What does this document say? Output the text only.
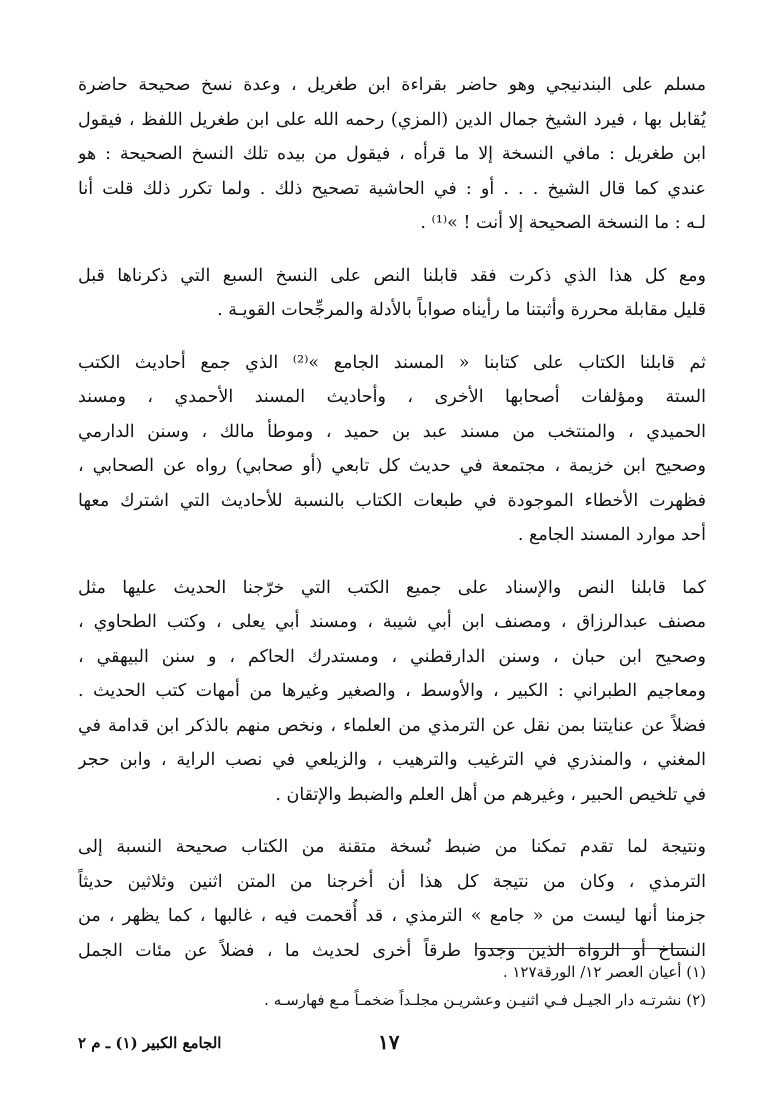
مسلم على البندنيجي وهو حاضر بقراءة ابن طغريل ، وعدة نسخ صحيحة حاضرة
يُقابل بها ، فيرد الشيخ جمال الدين (المزي) رحمه الله على ابن طغريل اللفظ ، فيقول
ابن طغريل : مافي النسخة إلا ما قرأه ، فيقول من بيده تلك النسخ الصحيحة : هو
عندي كما قال الشيخ . . . أو : في الحاشية تصحيح ذلك . ولما تكرر ذلك قلت أنا
لـه : ما النسخة الصحيحة إلا أنت ! »⁽¹⁾ .

ومع كل هذا الذي ذكرت فقد قابلنا النص على النسخ السبع التي ذكرناها قبل
قليل مقابلة محررة وأثبتنا ما رأيناه صواباً بالأدلة والمرجِّحات القويـة .

ثم قابلنا الكتاب على كتابنا « المسند الجامع »⁽²⁾ الذي جمع أحاديث الكتب
الستة ومؤلفات أصحابها الأخرى ، وأحاديث المسند الأحمدي ، ومسند
الحميدي ، والمنتخب من مسند عبد بن حميد ، وموطأ مالك ، وسنن الدارمي
وصحيح ابن خزيمة ، مجتمعة في حديث كل تابعي (أو صحابي) رواه عن الصحابي ،
فظهرت الأخطاء الموجودة في طبعات الكتاب بالنسبة للأحاديث التي اشترك معها
أحد موارد المسند الجامع .

كما قابلنا النص والإسناد على جميع الكتب التي خرّجنا الحديث عليها مثل
مصنف عبدالرزاق ، ومصنف ابن أبي شيبة ، ومسند أبي يعلى ، وكتب الطحاوي ،
وصحيح ابن حبان ، وسنن الدارقطني ، ومستدرك الحاكم ، و سنن البيهقي ،
ومعاجيم الطبراني : الكبير ، والأوسط ، والصغير وغيرها من أمهات كتب الحديث .
فضلاً عن عنايتنا بمن نقل عن الترمذي من العلماء ، ونخص منهم بالذكر ابن قدامة في
المغني ، والمنذري في الترغيب والترهيب ، والزيلعي في نصب الراية ، وابن حجر
في تلخيص الحبير ، وغيرهم من أهل العلم والضبط والإتقان .

ونتيجة لما تقدم تمكنا من ضبط نُسخة متقنة من الكتاب صحيحة النسبة إلى
الترمذي ، وكان من نتيجة كل هذا أن أخرجنا من المتن اثنين وثلاثين حديثاً
جزمنا أنها ليست من « جامع » الترمذي ، قد أُقحمت فيه ، غالبها ، كما يظهر ، من
النساخ أو الرواة الذين وجدوا طرقاً أخرى لحديث ما ، فضلاً عن مئات الجمل

(١) أعيان العصر ١٢/ الورقة١٢٧ .
(٢) نشرتـه دار الجيـل فـي اثنيـن وعشريـن مجلـداً ضخمـاً مـع فهارسـه .
١٧
الجامع الكبير (١) ـ م ٢
